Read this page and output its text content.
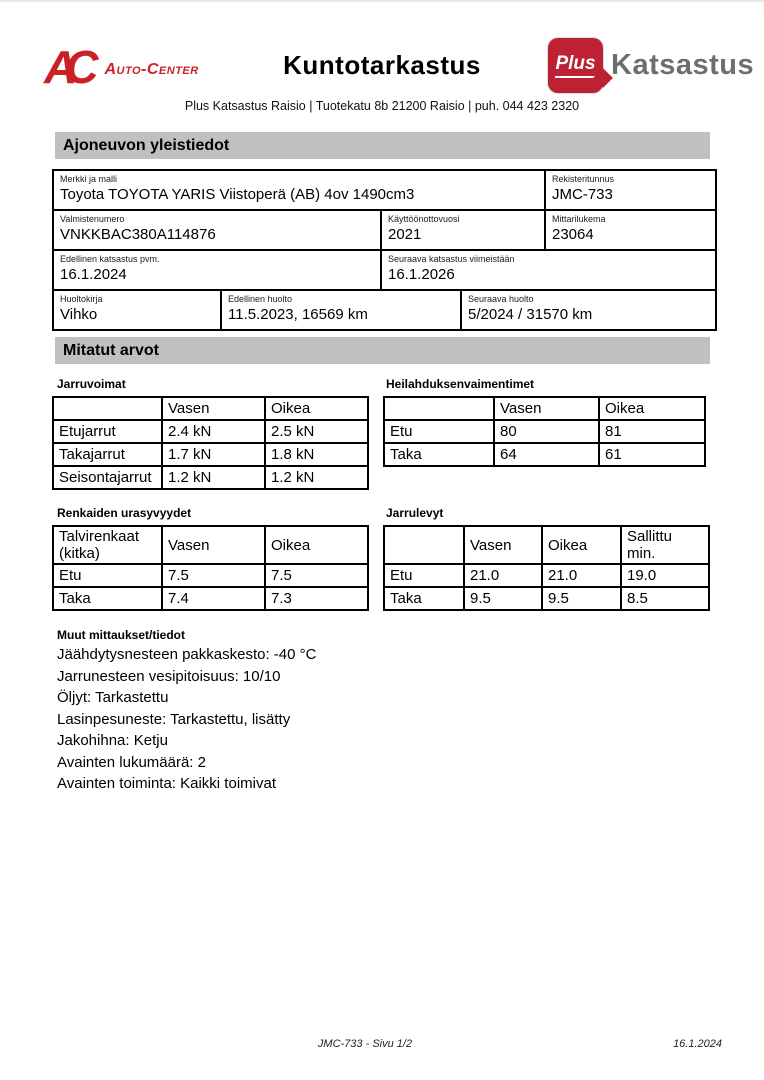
AC	Auto-Center	Kuntotarkastus	Plus Katsastus
Plus Katsastus Raisio | Tuotekatu 8b 21200 Raisio | puh. 044 423 2320
Ajoneuvon yleistiedot
Merkki ja malli
Toyota TOYOTA YARIS Viistoperä (AB) 4ov 1490cm3
Rekisteritunnus
JMC-733
Valmistenumero
VNKKBAC380A114876
Käyttöönottovuosi
2021
Mittarilukema
23064
Edellinen katsastus pvm.
16.1.2024
Seuraava katsastus viimeistään
16.1.2026
Huoltokirja
Vihko
Edellinen huolto
11.5.2023, 16569 km
Seuraava huolto
5/2024 / 31570 km
Mitatut arvot
Jarruvoimat
	Vasen	Oikea
Etujarrut	2.4 kN	2.5 kN
Takajarrut	1.7 kN	1.8 kN
Seisontajarrut	1.2 kN	1.2 kN
Heilahduksenvaimentimet
	Vasen	Oikea
Etu	80	81
Taka	64	61
Renkaiden urasyvyydet
Talvirenkaat (kitka)	Vasen	Oikea
Etu	7.5	7.5
Taka	7.4	7.3
Jarrulevyt
	Vasen	Oikea	Sallittu min.
Etu	21.0	21.0	19.0
Taka	9.5	9.5	8.5
Muut mittaukset/tiedot
Jäähdytysnesteen pakkaskesto: -40 °C
Jarrunesteen vesipitoisuus: 10/10
Öljyt: Tarkastettu
Lasinpesuneste: Tarkastettu, lisätty
Jakohihna: Ketju
Avainten lukumäärä: 2
Avainten toiminta: Kaikki toimivat
JMC-733 - Sivu 1/2	16.1.2024
